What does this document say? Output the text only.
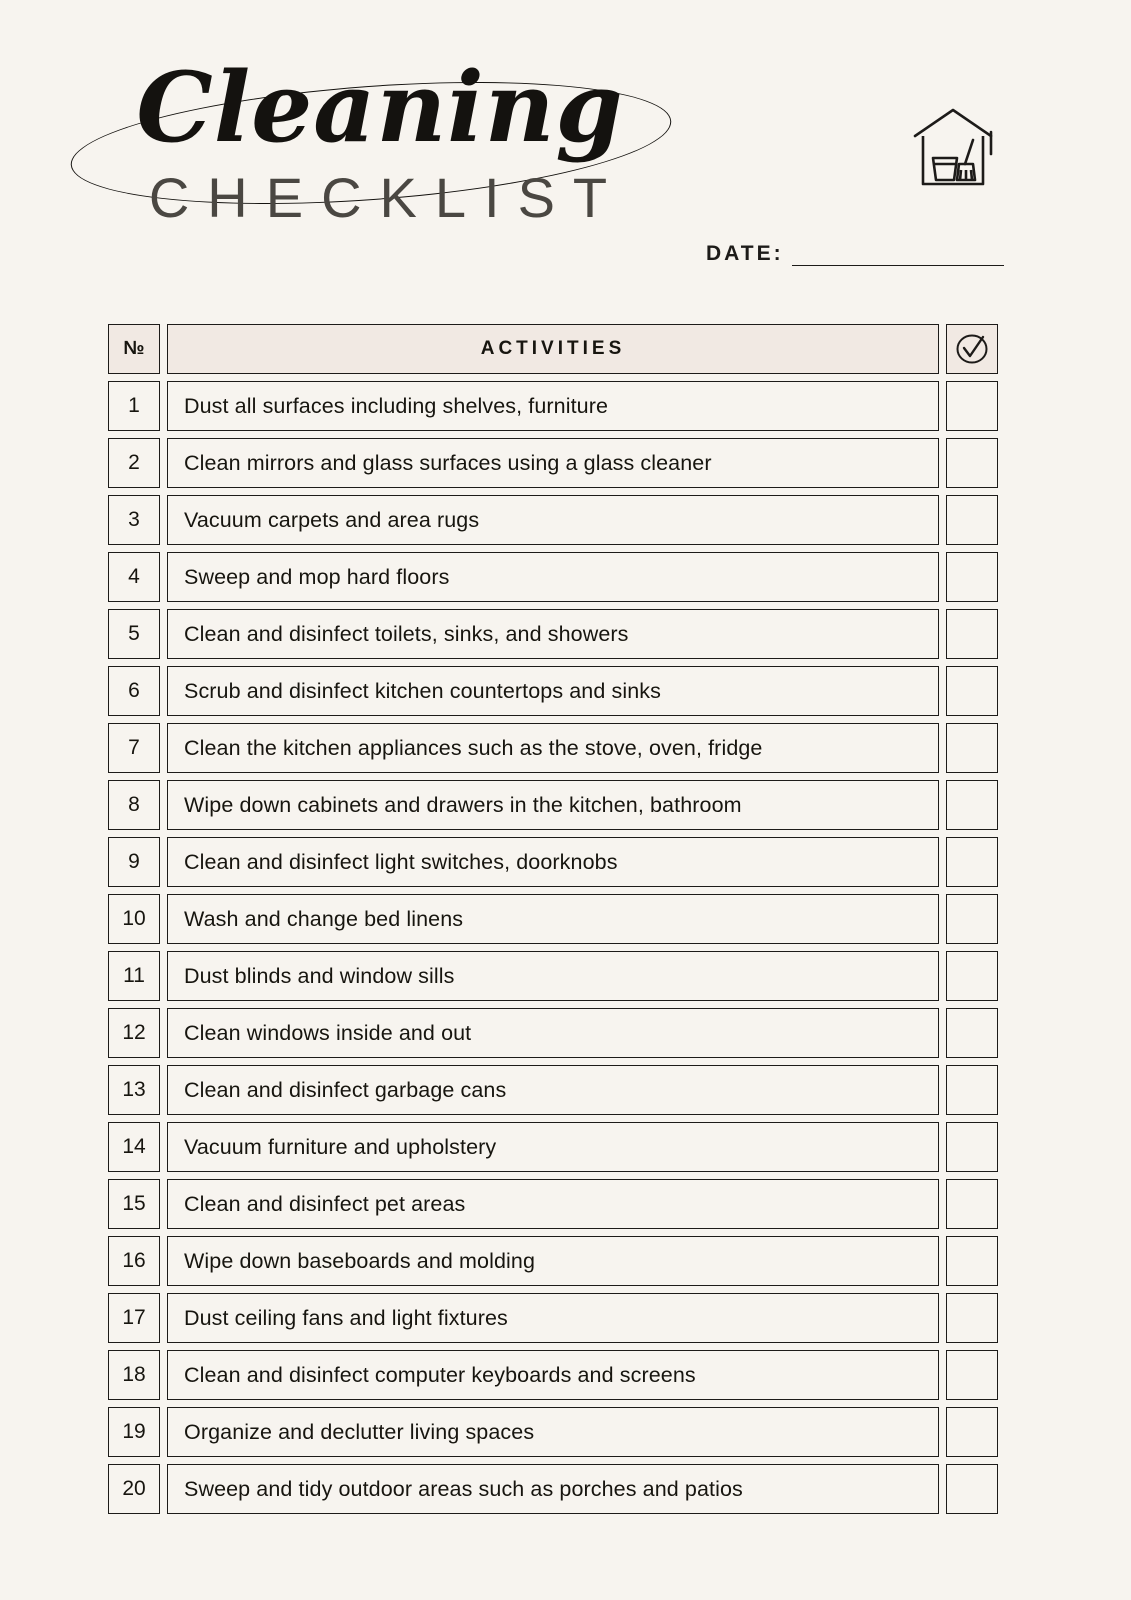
Cleaning
CHECKLIST
DATE:
№	ACTIVITIES
1	Dust all surfaces including shelves, furniture
2	Clean mirrors and glass surfaces using a glass cleaner
3	Vacuum carpets and area rugs
4	Sweep and mop hard floors
5	Clean and disinfect toilets, sinks, and showers
6	Scrub and disinfect kitchen countertops and sinks
7	Clean the kitchen appliances such as the stove, oven, fridge
8	Wipe down cabinets and drawers in the kitchen, bathroom
9	Clean and disinfect light switches, doorknobs
10	Wash and change bed linens
11	Dust blinds and window sills
12	Clean windows inside and out
13	Clean and disinfect garbage cans
14	Vacuum furniture and upholstery
15	Clean and disinfect pet areas
16	Wipe down baseboards and molding
17	Dust ceiling fans and light fixtures
18	Clean and disinfect computer keyboards and screens
19	Organize and declutter living spaces
20	Sweep and tidy outdoor areas such as porches and patios
